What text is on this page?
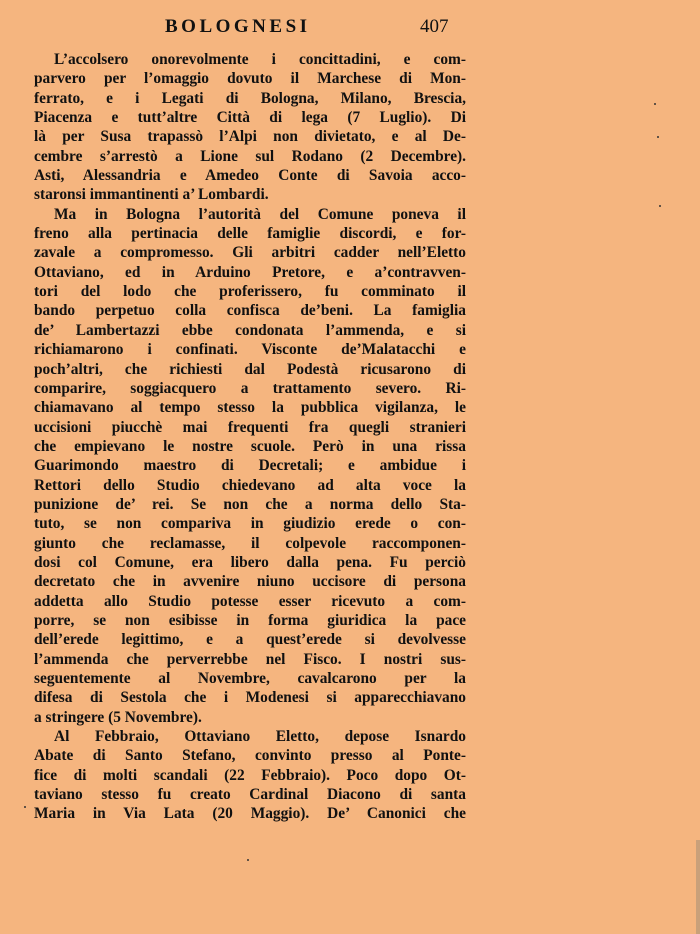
BOLOGNESI	407
L’accolsero onorevolmente i concittadini, e com-
parvero per l’omaggio dovuto il Marchese di Mon-
ferrato, e i Legati di Bologna, Milano, Brescia,
Piacenza e tutt’altre Città di lega (7 Luglio). Di
là per Susa trapassò l’Alpi non divietato, e al De-
cembre s’arrestò a Lione sul Rodano (2 Decembre).
Asti, Alessandria e Amedeo Conte di Savoia acco-
staronsi immantinenti a’ Lombardi.
Ma in Bologna l’autorità del Comune poneva il
freno alla pertinacia delle famiglie discordi, e for-
zavale a compromesso. Gli arbitri cadder nell’Eletto
Ottaviano, ed in Arduino Pretore, e a’contravven-
tori del lodo che proferissero, fu comminato il
bando perpetuo colla confisca de’beni. La famiglia
de’ Lambertazzi ebbe condonata l’ammenda, e si
richiamarono i confinati. Visconte de’Malatacchi e
poch’altri, che richiesti dal Podestà ricusarono di
comparire, soggiacquero a trattamento severo. Ri-
chiamavano al tempo stesso la pubblica vigilanza, le
uccisioni piucchè mai frequenti fra quegli stranieri
che empievano le nostre scuole. Però in una rissa
Guarimondo maestro di Decretali; e ambidue i
Rettori dello Studio chiedevano ad alta voce la
punizione de’ rei. Se non che a norma dello Sta-
tuto, se non compariva in giudizio erede o con-
giunto che reclamasse, il colpevole raccomponen-
dosi col Comune, era libero dalla pena. Fu perciò
decretato che in avvenire niuno uccisore di persona
addetta allo Studio potesse esser ricevuto a com-
porre, se non esibisse in forma giuridica la pace
dell’erede legittimo, e a quest’erede si devolvesse
l’ammenda che perverrebbe nel Fisco. I nostri sus-
seguentemente al Novembre, cavalcarono per la
difesa di Sestola che i Modenesi si apparecchiavano
a stringere (5 Novembre).
Al Febbraio, Ottaviano Eletto, depose Isnardo
Abate di Santo Stefano, convinto presso al Ponte-
fice di molti scandali (22 Febbraio). Poco dopo Ot-
taviano stesso fu creato Cardinal Diacono di santa
Maria in Via Lata (20 Maggio). De’ Canonici che
